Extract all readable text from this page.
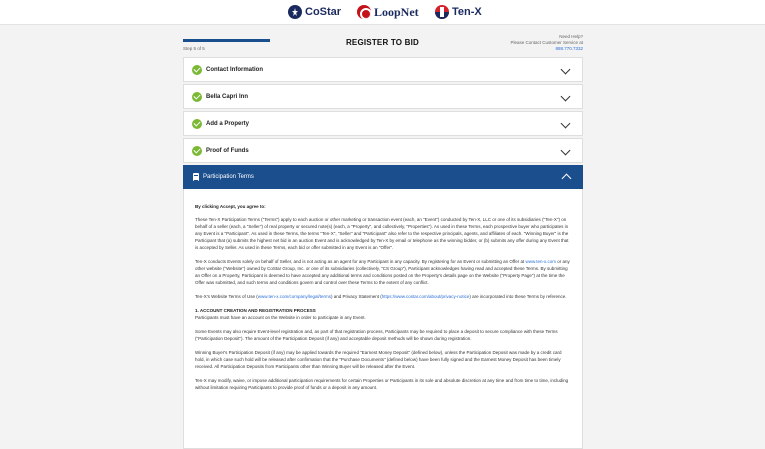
CoStar	LoopNet	Ten-X
Step 5 of 5
REGISTER TO BID
Need Help?
Please Contact Customer Service at
888.770.7332
Contact Information
Bella Capri Inn
Add a Property
Proof of Funds
Participation Terms

By clicking Accept, you agree to:

These Ten-X Participation Terms ("Terms") apply to each auction or other marketing or transaction event (each, an "Event") conducted by Ten-X, LLC or one of its subsidiaries ("Ten-X") on behalf of a seller (each, a "Seller") of real property or secured note(s) (each, a "Property", and collectively, "Properties"). As used in these Terms, each prospective buyer who participates in any Event is a "Participant". As used in these Terms, the terms "Ten-X", "Seller" and "Participant" also refer to the respective principals, agents, and affiliates of each. "Winning Buyer" is the Participant that (a) submits the highest net bid in an auction Event and is acknowledged by Ten-X by email or telephone as the winning bidder, or (b) submits any offer during any Event that is accepted by Seller. As used in these Terms, each bid or offer submitted in any Event is an "Offer".

Ten-X conducts Events solely on behalf of Seller, and is not acting as an agent for any Participant in any capacity. By registering for an Event or submitting an Offer at www.ten-x.com or any other website ("Website") owned by CoStar Group, Inc. or one of its subsidiaries (collectively, "CS Group"), Participant acknowledges having read and accepted these Terms. By submitting an Offer on a Property, Participant is deemed to have accepted any additional terms and conditions posted on the Property's details page on the Website ("Property Page") at the time the Offer was submitted, and such terms and conditions govern and control over these Terms to the extent of any conflict.

Ten-X's Website Terms of Use (www.ten-x.com/company/legal/terms) and Privacy Statement (https://www.costar.com/about/privacy-notice) are incorporated into these Terms by reference.

1. ACCOUNT CREATION AND REGISTRATION PROCESS

Participants must have an account on the Website in order to participate in any Event.

Some Events may also require Event-level registration and, as part of that registration process, Participants may be required to place a deposit to secure compliance with these Terms ("Participation Deposit"). The amount of the Participation Deposit (if any) and acceptable deposit methods will be shown during registration.

Winning Buyer's Participation Deposit (if any) may be applied towards the required "Earnest Money Deposit" (defined below), unless the Participation Deposit was made by a credit card hold, in which case such hold will be released after confirmation that the "Purchase Documents" (defined below) have been fully signed and the Earnest Money Deposit has been timely received. All Participation Deposits from Participants other than Winning Buyer will be released after the Event.

Ten-X may modify, waive, or impose additional participation requirements for certain Properties or Participants in its sole and absolute discretion at any time and from time to time, including without limitation requiring Participants to provide proof of funds or a deposit in any amount.
